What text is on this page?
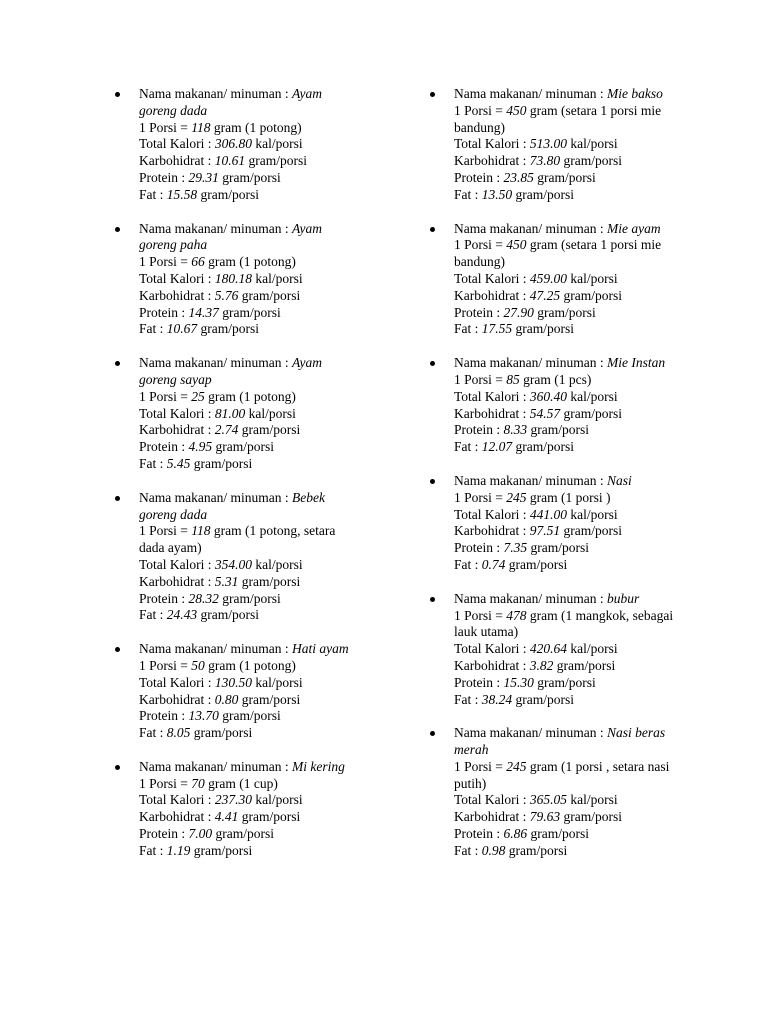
Nama makanan/ minuman : Ayam goreng dada
1 Porsi = 118 gram (1 potong)
Total Kalori : 306.80 kal/porsi
Karbohidrat : 10.61 gram/porsi
Protein : 29.31 gram/porsi
Fat : 15.58 gram/porsi
Nama makanan/ minuman : Ayam goreng paha
1 Porsi = 66 gram (1 potong)
Total Kalori : 180.18 kal/porsi
Karbohidrat : 5.76 gram/porsi
Protein : 14.37 gram/porsi
Fat : 10.67 gram/porsi
Nama makanan/ minuman : Ayam goreng sayap
1 Porsi = 25 gram (1 potong)
Total Kalori : 81.00 kal/porsi
Karbohidrat : 2.74 gram/porsi
Protein : 4.95 gram/porsi
Fat : 5.45 gram/porsi
Nama makanan/ minuman : Bebek goreng dada
1 Porsi = 118 gram (1 potong, setara dada ayam)
Total Kalori : 354.00 kal/porsi
Karbohidrat : 5.31 gram/porsi
Protein : 28.32 gram/porsi
Fat : 24.43 gram/porsi
Nama makanan/ minuman : Hati ayam
1 Porsi = 50 gram (1 potong)
Total Kalori : 130.50 kal/porsi
Karbohidrat : 0.80 gram/porsi
Protein : 13.70 gram/porsi
Fat : 8.05 gram/porsi
Nama makanan/ minuman : Mi kering
1 Porsi = 70 gram (1 cup)
Total Kalori : 237.30 kal/porsi
Karbohidrat : 4.41 gram/porsi
Protein : 7.00 gram/porsi
Fat : 1.19 gram/porsi
Nama makanan/ minuman : Mie bakso
1 Porsi = 450 gram (setara 1 porsi mie bandung)
Total Kalori : 513.00 kal/porsi
Karbohidrat : 73.80 gram/porsi
Protein : 23.85 gram/porsi
Fat : 13.50 gram/porsi
Nama makanan/ minuman : Mie ayam
1 Porsi = 450 gram (setara 1 porsi mie bandung)
Total Kalori : 459.00 kal/porsi
Karbohidrat : 47.25 gram/porsi
Protein : 27.90 gram/porsi
Fat : 17.55 gram/porsi
Nama makanan/ minuman : Mie Instan
1 Porsi = 85 gram (1 pcs)
Total Kalori : 360.40 kal/porsi
Karbohidrat : 54.57 gram/porsi
Protein : 8.33 gram/porsi
Fat : 12.07 gram/porsi
Nama makanan/ minuman : Nasi
1 Porsi = 245 gram (1 porsi )
Total Kalori : 441.00 kal/porsi
Karbohidrat : 97.51 gram/porsi
Protein : 7.35 gram/porsi
Fat : 0.74 gram/porsi
Nama makanan/ minuman : bubur
1 Porsi = 478 gram (1 mangkok, sebagai lauk utama)
Total Kalori : 420.64 kal/porsi
Karbohidrat : 3.82 gram/porsi
Protein : 15.30 gram/porsi
Fat : 38.24 gram/porsi
Nama makanan/ minuman : Nasi beras merah
1 Porsi = 245 gram (1 porsi , setara nasi putih)
Total Kalori : 365.05 kal/porsi
Karbohidrat : 79.63 gram/porsi
Protein : 6.86 gram/porsi
Fat : 0.98 gram/porsi
